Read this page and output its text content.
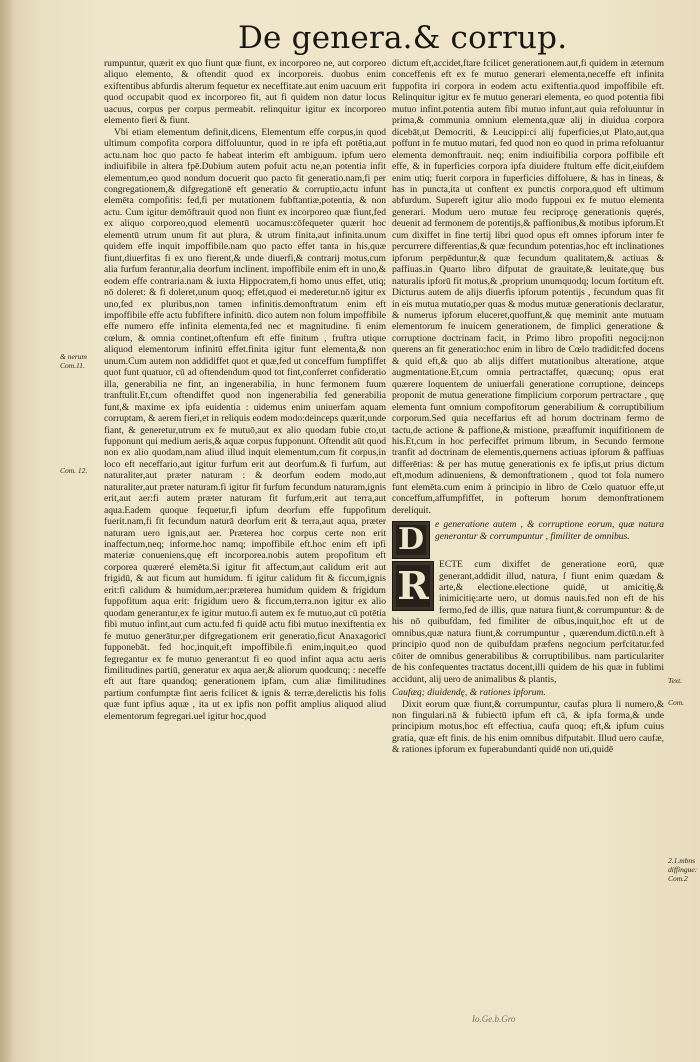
De genera.& corrup.
& nerum Com.11.
Com. 12.
Text.
Com.
2.1.mbns diffingue: Com.2

rumpuntur, quærit ex quo fiunt quæ fiunt, ex incorporeo ne, aut corporeo aliquo elemento, & oftendit quod ex incorporeis. duobus enim exiftentibus abfurdis alterum fequetur ex neceffitate.aut enim uacuum erit quod occupabit quod ex incorporeo fit, aut fi quidem non datur locus uacuus, corpus per corpus permeabit. relinquitur igitur ex incorporeo elemento fieri & fiunt.

Vbi etiam elementum definit,dicens, Elementum effe corpus,in quod ultimum compofita corpora diffoluuntur, quod in re ipfa eft potētia,aut actu.nam hoc quo pacto fe habeat interim eft ambiguum. ipfum uero indiuifibile in altera fpē.Dubium autem pofuit actu ne,an potentia infit elementum,eo quod nondum docuerit quo pacto fit generatio.nam,fi per congregationem,& difgregationē eft generatio & corruptio,actu infunt elemēta compofitis: fed,fi per mutationem fubftantiæ,potentia, & non actu. Cum igitur demōftrauit quod non fiunt ex incorporeo quæ fiunt,fed ex aliquo corporeo,quod elementū uocamus:cōfequeter quærit hoc elementū utrum unum fit aut plura, & utrum finita,aut infinita.unum quidem effe inquit impoffibile.nam quo pacto effet tanta in his,quæ fiunt,diuerfitas fi ex uno fierent,& unde diuerfi,& contrarij motus,cum alia furfum ferantur,alia deorfum inclinent. impoffibile enim eft in uno,& eodem effe contraria.nam & iuxta Hippocratem,fi homo unus effet, utiq; nō doleret: & fi doleret,unum quoq; effet,quod ei mederetur.nō igitur ex uno,fed ex pluribus,non tamen infinitis.demonftratum enim eft impoffibile effe actu fubfiftere infinitū. dico autem non folum impoffibile effe numero effe infinita elementa,fed nec et magnitudine. fi enim cœlum, & omnia continet,oftenfum eft effe finitum , fruftra utique aliquod elementorum infinitū effet.finita igitur funt elementa,& non unum.Cum autem non addidiffet quot et quæ,fed ut conceffum fumpfiffet quot funt quatuor, cū ad oftendendum quod tot fint,conferret confideratio illa, generabilia ne fint, an ingenerabilia, in hunc fermonem fuum tranftulit.Et,cum oftendiffet quod non ingenerabilia fed generabilia funt,& maxime ex ipfa euidentia : uidemus enim uniuerfam aquam corruptam, & aerem fieri,et in reliquis eodem modo:deinceps quærit,unde fiant, & generetur,utrum ex fe mutuō,aut ex alio quodam fubie cto,ut fupponunt qui medium aeris,& aquæ corpus fupponunt. Oftendit aūt quod non ex alio quodam,nam aliud illud inquit elementum,cum fit corpus,in loco eft neceffario,aut igitur furfum erit aut deorfum.& fi furfum, aut naturaliter,aut præter naturam : & deorfum eodem modo,aut naturaliter,aut præter naturam.fi igitur fit furfum fecundum naturam,ignis erit,aut aer:fi autem præter naturam fit furfum,erit aut terra,aut aqua.Eadem quoque fequetur,fi ipfum deorfum effe fuppofitum fuerit.nam,fi fit fecundum naturā deorfum erit & terra,aut aqua, præter naturam uero ignis,aut aer. Præterea hoc corpus certe non erit inaffectum,neq; informe.hoc namq; impoffibile eft.hoc enim eft ipfi materiæ conueniens,quę eft incorporea.nobis autem propofitum eft corporea quæreré elemēta.Si igitur fit affectum,aut calidum erit aut frigidū, & aut ficum aut humidum. fi igitur calidum fit & ficcum,ignis erit:fi calidum & humidum,aer:præterea humidum quidem & frigidum fuppofitum aqua erit: frigidum uero & ficcum,terra.non igitur ex alio quodam generantur,ex fe igitur mutuo.fi autem ex fe mutuo,aut cū potētia fibi mutuo infint,aut cum actu.fed fi quidē actu fibi mutuo inexiftentia ex fe mutuo generātur,per difgregationem erit generatio,ficut Anaxagoricī fupponebāt. fed hoc,inquit,eft impoffibile.fi enim,inquit,eo quod fegregantur ex fe mutuo generant:ut fi eo quod infint aqua actu aeris fimilitudines partiū, generatur ex aqua aer,& aliorum quodcunq; : neceffe eft aut ftare quandoq; generationem ipfam, cum aliæ fimilitudines partium confumptæ fint aeris fcilicet & ignis & terræ,derelictis his folis quæ funt ipfius aquæ , ita ut ex ipfis non poffit amplius aliquod aliud elementorum fegregari.uel igitur hoc,quod

dictum eft,accidet,ftare fcilicet generationem.aut,fi quidem in æternum conceffenis eft ex fe mutuo generari elementa,neceffe eft infinita fuppofita iri corpora in eodem actu exiftentia.quod impoffibile eft. Relinquitur igitur ex fe mutuo generari elementa, eo quod potentia fibi mutuo infint.potentia autem fibi mutuo infunt,aut quia refoluuntur in prima,& communia omnium elementa,quæ alij in diuidua corpora dicebāt,ut Democriti, & Leucippi:ci alij fuperficies,ut Plato,aut,qua poffunt in fe mutuo mutari, fed quod non eo quod in prima refoluantur elementa demonftrauit. neq; enim indiuifibilia corpora poffibile eft effe, & in fuperficies corpora ipfa diuidere ftultum effe dicit,eiufdem enim utiq; fuerit corpora in fuperficies diffoluere, & has in lineas, & has in puncta,ita ut conftent ex punctis corpora,quod eft ultimum abfurdum. Supereft igitur alio modo fuppoui ex fe mutuo elementa generari. Modum uero mutuæ feu reciproçę generationis quęrés, deuenit ad fermonem de potentijs,& paffionibus,& motibus ipforum.Et cum dixiffet in fine tertij libri quod opus eft omnes ipforum inter fe percurrere differentias,& quæ fecundum potentias,hoc eft inclinationes ipforum perpēduntur,& quæ fecundum qualitatem,& actiuas & paffiuas.in Quarto libro difputat de grauitate,& leuitate,quę bus naturalis ipforū fit motus,& ,proprium unumquodq; locum fortitum eft. Dicturus autem de alijs diuerfis ipforum potentijs , fecundum quas fit in eis mutua mutatio,per quas & modus mutuæ generationis declaratur, & numerus ipforum eluceret,quoffunt,& quę meminit ante mutuam elementorum fe inuicem generationem, de fimplici generatione & corruptione doctrinam facit, in Primo libro propofiti negocij:non querens an fit generatio:hoc enim in libro de Cœlo tradidit:fed docens & quid eft,& quo ab alijs differt mutationibus alteratione, atque augmentatione.Et,cum omnia pertractaffet, quæcunq; opus erat quærere loquentem de uniuerfali generatione corruptione, deinceps proponit de mutua generatione fimplicium corporum pertractare , quę elementa funt omnium compofitorum generabilium & corruptibilium corporum.Sed quia neceffarius eft ad horum doctrinam fermo de tactu,de actione & paffione,& mistione, præaffumit inquifitionem de his.Et,cum in hoc perfeciffet primum librum, in Secundo fermone tranfit ad doctrinam de elementis,quernens actiuas ipforum & paffiuas differētias: & per has mutuę generationis ex fe ipfis,ut prius dictum eft,modum adinueniens, & demonftrationem , quod tot fola numero funt elemēta.cum enim à principio in libro de Cœlo quatuor effe,ut conceffum,affumpfiffet, in pofterum horum demonftrationem dereliquit.

D	e generatione autem , & corruptione eorum, quæ natura generantur & corrumpuntur , fimiliter de omnibus.

R	ECTE cum dixiffet de generatione eorū, quæ generant,addidit illud, natura, ſ fiunt enim quædam & arte,& electione.electione quidē, ut amicitię,& inimicitię:arte uero, ut domus nauis.fed non eft de his fermo,fed de illis, quæ natura fiunt,& corrumpuntur: & de his nō quibufdam, fed fimiliter de oībus,inquit,hoc eft ut de omnibus,quæ natura fiunt,& corrumpuntur , quærendum.dictū.n.eft à principio quod non de quibufdam præfens negocium perfcitatur.fed cōiter de omnibus generabilibus & corruptibilibus. nam particulariter de his confequentes tractatus docent,illi quidem de his quæ in fublimi accidunt, alij uero de animalibus & plantis,

Caufæq; diuidendę, & rationes ipforum.

Dixit eorum quæ fiunt,& corrumpuntur, caufas plura li numero,& non fingulari.nā & fubiectū ipfum eft cā, & ipfa forma,& unde principium motus,hoc eft effectiua, caufa quoq; eft,& ipfum cuius gratia, quæ eft finis. de his enim omnibus difputabit. Illud uero caufæ, & rationes ipforum ex fuperabundanti quidē non uti,quidē

Io.Ge.b.Gro
